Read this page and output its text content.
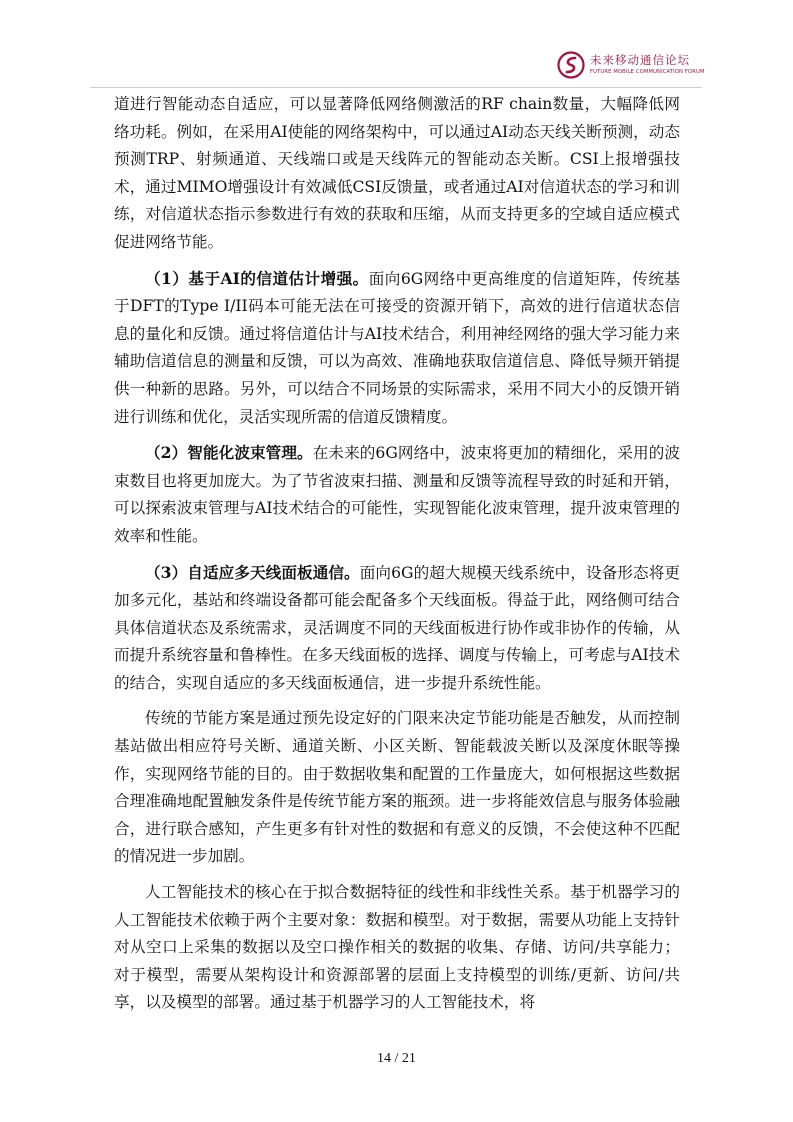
未来移动通信论坛
FUTURE MOBILE COMMUNICATION FORUM

道进行智能动态自适应，可以显著降低网络侧激活的RF chain数量，大幅降低网络功耗。例如，在采用AI使能的网络架构中，可以通过AI动态天线关断预测，动态预测TRP、射频通道、天线端口或是天线阵元的智能动态关断。CSI上报增强技术，通过MIMO增强设计有效减低CSI反馈量，或者通过AI对信道状态的学习和训练，对信道状态指示参数进行有效的获取和压缩，从而支持更多的空域自适应模式促进网络节能。

（1）基于AI的信道估计增强。面向6G网络中更高维度的信道矩阵，传统基于DFT的Type I/II码本可能无法在可接受的资源开销下，高效的进行信道状态信息的量化和反馈。通过将信道估计与AI技术结合，利用神经网络的强大学习能力来辅助信道信息的测量和反馈，可以为高效、准确地获取信道信息、降低导频开销提供一种新的思路。另外，可以结合不同场景的实际需求，采用不同大小的反馈开销进行训练和优化，灵活实现所需的信道反馈精度。

（2）智能化波束管理。在未来的6G网络中，波束将更加的精细化，采用的波束数目也将更加庞大。为了节省波束扫描、测量和反馈等流程导致的时延和开销，可以探索波束管理与AI技术结合的可能性，实现智能化波束管理，提升波束管理的效率和性能。

（3）自适应多天线面板通信。面向6G的超大规模天线系统中，设备形态将更加多元化，基站和终端设备都可能会配备多个天线面板。得益于此，网络侧可结合具体信道状态及系统需求，灵活调度不同的天线面板进行协作或非协作的传输，从而提升系统容量和鲁棒性。在多天线面板的选择、调度与传输上，可考虑与AI技术的结合，实现自适应的多天线面板通信，进一步提升系统性能。

传统的节能方案是通过预先设定好的门限来决定节能功能是否触发，从而控制基站做出相应符号关断、通道关断、小区关断、智能载波关断以及深度休眠等操作，实现网络节能的目的。由于数据收集和配置的工作量庞大，如何根据这些数据合理准确地配置触发条件是传统节能方案的瓶颈。进一步将能效信息与服务体验融合，进行联合感知，产生更多有针对性的数据和有意义的反馈，不会使这种不匹配的情况进一步加剧。

人工智能技术的核心在于拟合数据特征的线性和非线性关系。基于机器学习的人工智能技术依赖于两个主要对象：数据和模型。对于数据，需要从功能上支持针对从空口上采集的数据以及空口操作相关的数据的收集、存储、访问/共享能力；对于模型，需要从架构设计和资源部署的层面上支持模型的训练/更新、访问/共享，以及模型的部署。通过基于机器学习的人工智能技术，将

14 / 21
